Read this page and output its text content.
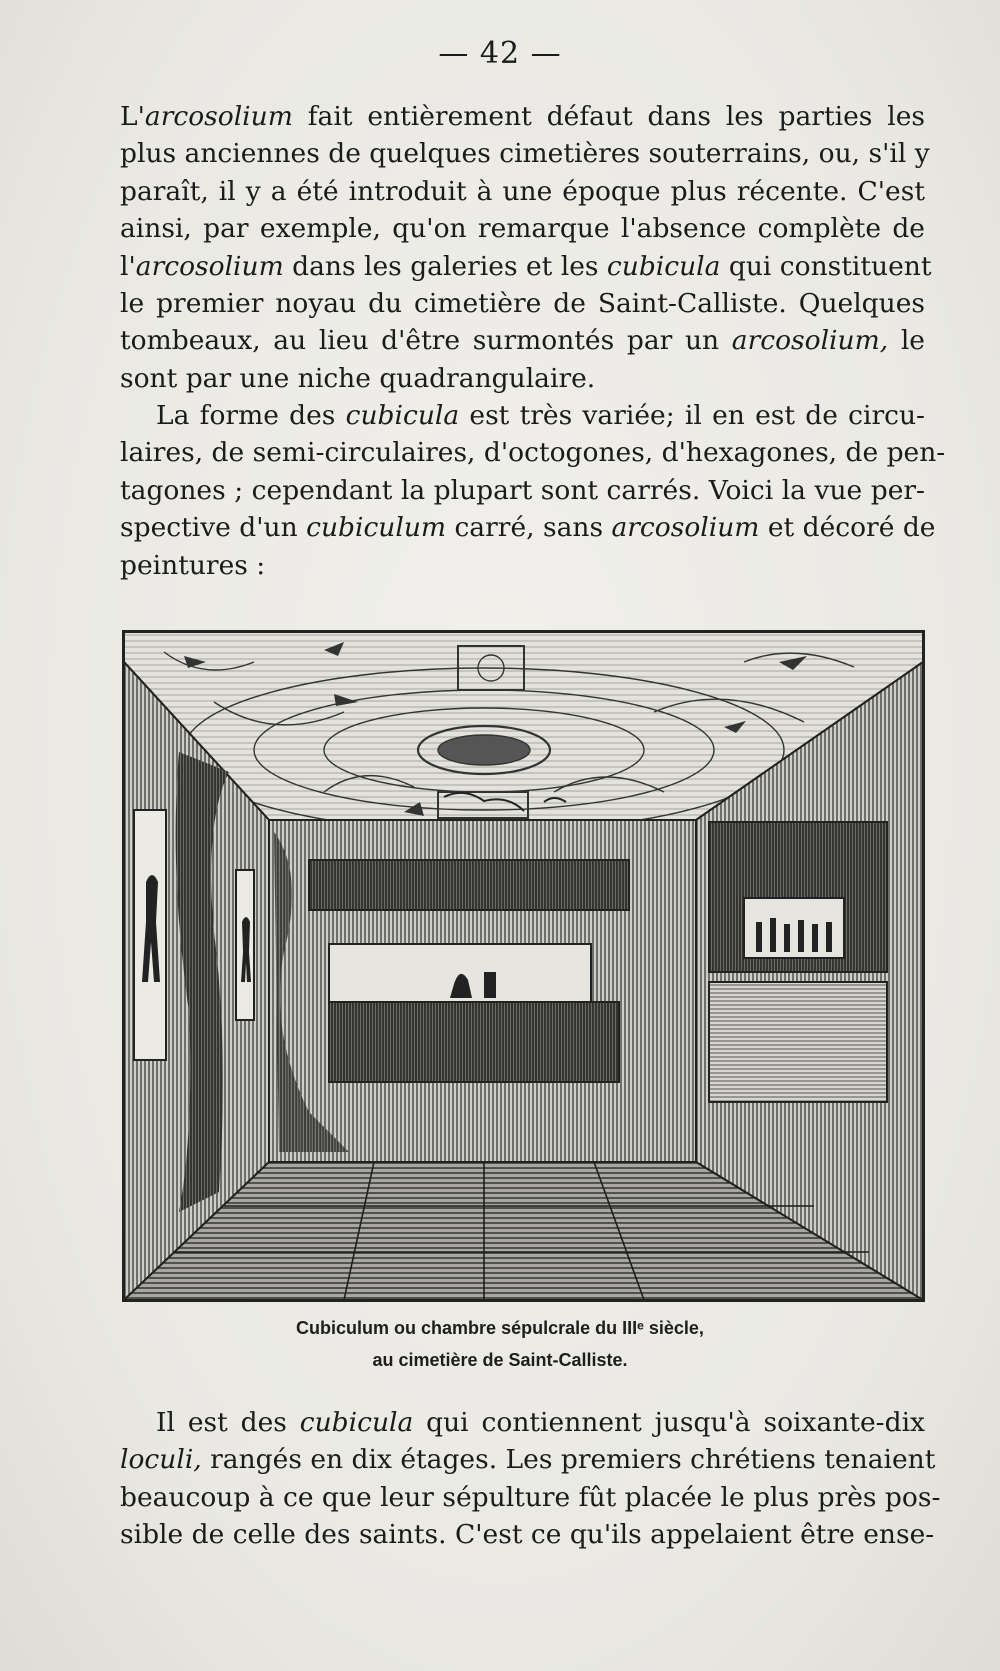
— 42 —
L'arcosolium fait entièrement défaut dans les parties les
plus anciennes de quelques cimetières souterrains, ou, s'il y
paraît, il y a été introduit à une époque plus récente. C'est
ainsi, par exemple, qu'on remarque l'absence complète de
l'arcosolium dans les galeries et les cubicula qui constituent
le premier noyau du cimetière de Saint-Calliste. Quelques
tombeaux, au lieu d'être surmontés par un arcosolium, le
sont par une niche quadrangulaire.
La forme des cubicula est très variée; il en est de circu-
laires, de semi-circulaires, d'octogones, d'hexagones, de pen-
tagones ; cependant la plupart sont carrés. Voici la vue per-
spective d'un cubiculum carré, sans arcosolium et décoré de
peintures :
Cubiculum ou chambre sépulcrale du IIIᵉ siècle,
au cimetière de Saint-Calliste.
Il est des cubicula qui contiennent jusqu'à soixante-dix
loculi, rangés en dix étages. Les premiers chrétiens tenaient
beaucoup à ce que leur sépulture fût placée le plus près pos-
sible de celle des saints. C'est ce qu'ils appelaient être ense-
